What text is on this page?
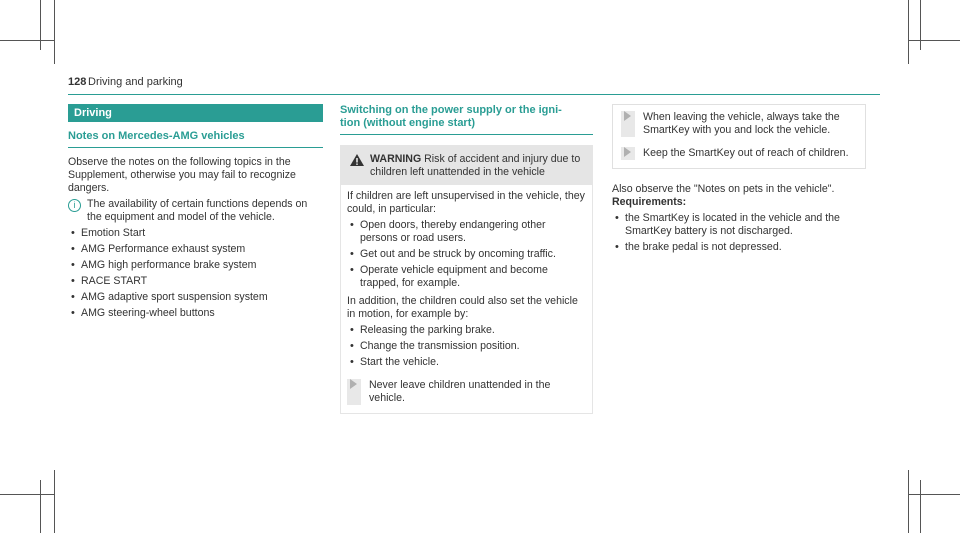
128 Driving and parking
Driving
Notes on Mercedes-AMG vehicles

Observe the notes on the following topics in the Supplement, otherwise you may fail to recognize dangers.

i	The availability of certain functions depends on the equipment and model of the vehicle.
• Emotion Start
• AMG Performance exhaust system
• AMG high performance brake system
• RACE START
• AMG adaptive sport suspension system
• AMG steering-wheel buttons
Switching on the power supply or the igni-
tion (without engine start)
WARNING Risk of accident and injury due to children left unattended in the vehicle

If children are left unsupervised in the vehicle, they could, in particular:

• Open doors, thereby endangering other persons or road users.
• Get out and be struck by oncoming traffic.
• Operate vehicle equipment and become trapped, for example.

In addition, the children could also set the vehicle in motion, for example by:

• Releasing the parking brake.
• Change the transmission position.
• Start the vehicle.
Never leave children unattended in the vehicle.
When leaving the vehicle, always take the SmartKey with you and lock the vehicle.
Keep the SmartKey out of reach of children.

Also observe the "Notes on pets in the vehicle".

Requirements:

• the SmartKey is located in the vehicle and the SmartKey battery is not discharged.
• the brake pedal is not depressed.
